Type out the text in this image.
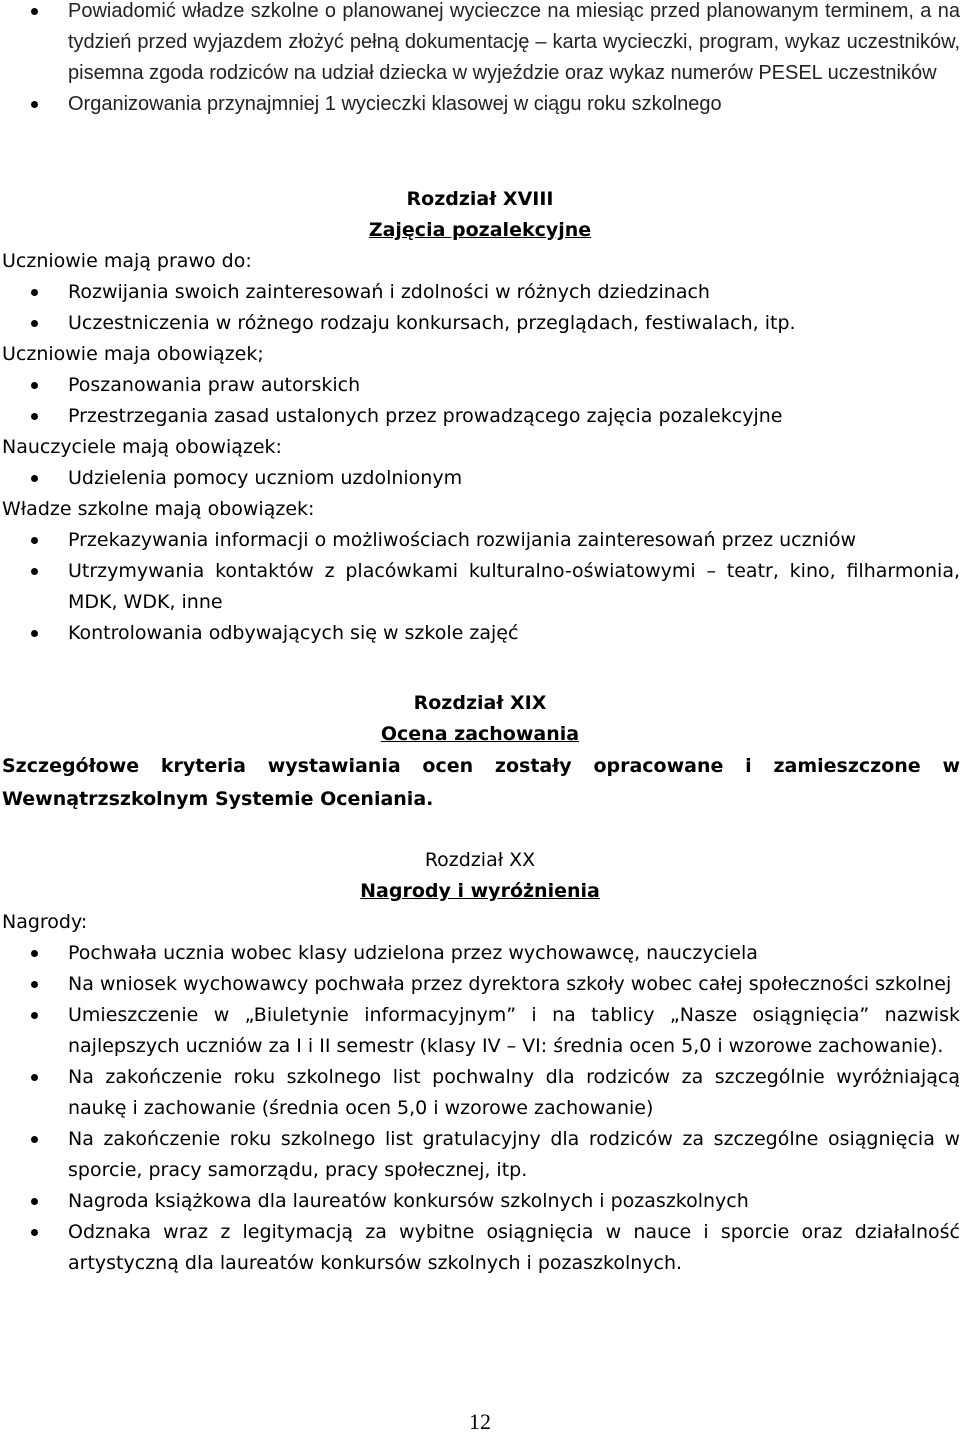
Powiadomić władze szkolne o planowanej wycieczce na miesiąc przed planowanym terminem, a na tydzień przed wyjazdem złożyć pełną dokumentację – karta wycieczki, program, wykaz uczestników, pisemna zgoda rodziców na udział dziecka w wyjeździe oraz wykaz numerów PESEL uczestników
Organizowania przynajmniej 1 wycieczki klasowej w ciągu roku szkolnego

Rozdział XVIII

Zajęcia pozalekcyjne

Uczniowie mają prawo do:

Rozwijania swoich zainteresowań i zdolności w różnych dziedzinach
Uczestniczenia w różnego rodzaju konkursach, przeglądach, festiwalach, itp.

Uczniowie maja obowiązek;

Poszanowania praw autorskich
Przestrzegania zasad ustalonych przez prowadzącego zajęcia pozalekcyjne

Nauczyciele mają obowiązek:

Udzielenia pomocy uczniom uzdolnionym

Władze szkolne mają obowiązek:

Przekazywania informacji o możliwościach rozwijania zainteresowań przez uczniów
Utrzymywania kontaktów z placówkami kulturalno-oświatowymi – teatr, kino, filharmonia, MDK, WDK, inne
Kontrolowania odbywających się w szkole zajęć

Rozdział XIX

Ocena zachowania

Szczegółowe kryteria wystawiania ocen zostały opracowane i zamieszczone w Wewnątrzszkolnym Systemie Oceniania.

Rozdział XX

Nagrody i wyróżnienia

Nagrody:

Pochwała ucznia wobec klasy udzielona przez wychowawcę, nauczyciela
Na wniosek wychowawcy pochwała przez dyrektora szkoły wobec całej społeczności szkolnej
Umieszczenie w „Biuletynie informacyjnym” i na tablicy „Nasze osiągnięcia” nazwisk najlepszych uczniów za I i II semestr (klasy IV – VI: średnia ocen 5,0 i wzorowe zachowanie).
Na zakończenie roku szkolnego list pochwalny dla rodziców za szczególnie wyróżniającą naukę i zachowanie (średnia ocen 5,0 i wzorowe zachowanie)
Na zakończenie roku szkolnego list gratulacyjny dla rodziców za szczególne osiągnięcia w sporcie, pracy samorządu, pracy społecznej, itp.
Nagroda książkowa dla laureatów konkursów szkolnych i pozaszkolnych
Odznaka wraz z legitymacją za wybitne osiągnięcia w nauce i sporcie oraz działalność artystyczną dla laureatów konkursów szkolnych i pozaszkolnych.
12
